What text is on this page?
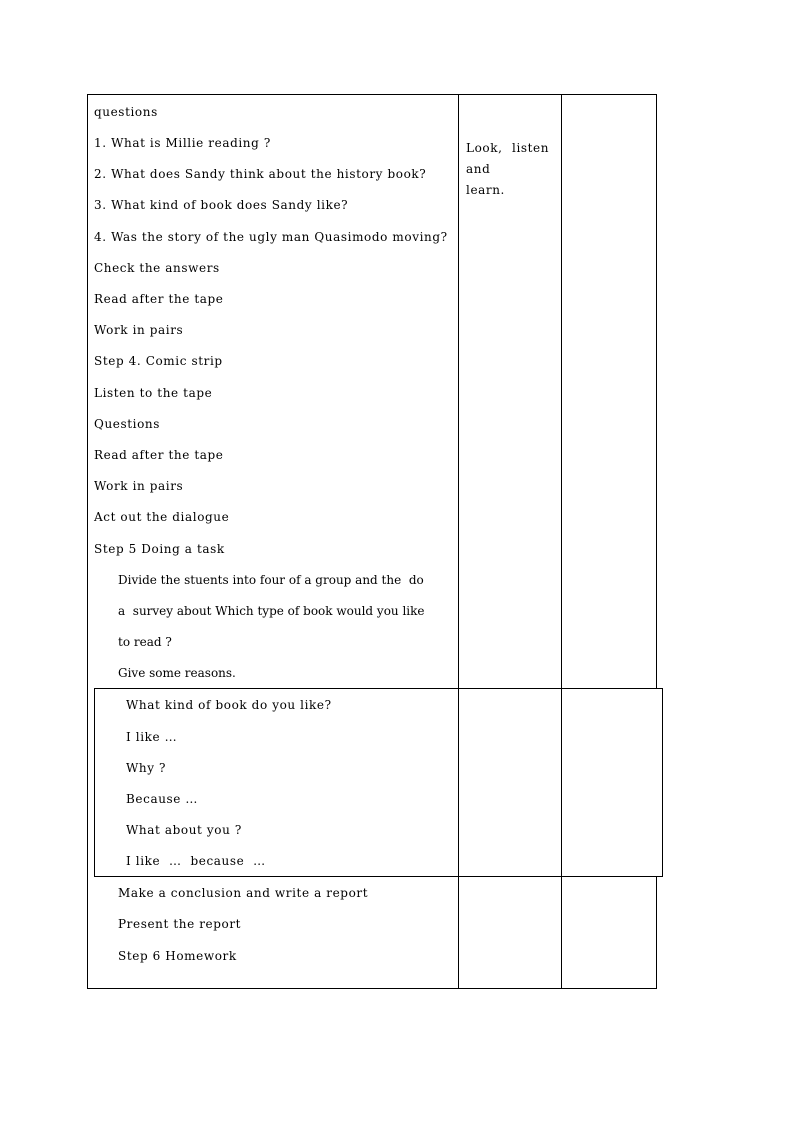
questions
1. What is Millie reading ?
2. What does Sandy think about the history book?
3. What kind of book does Sandy like?
4. Was the story of the ugly man Quasimodo moving?
Check the answers
Read after the tape
Work in pairs
Step 4. Comic strip
Listen to the tape
Questions
Read after the tape
Work in pairs
Act out the dialogue
Step 5 Doing a task
Divide the stuents into four of a group and the  do
a  survey about Which type of book would you like
to read ?
Give some reasons.
What kind of book do you like?
I like …
Why ?
Because …
What about you ?
I like  …  because  …
Make a conclusion and write a report
Present the report
Step 6 Homework
Look, listen
and
learn.
